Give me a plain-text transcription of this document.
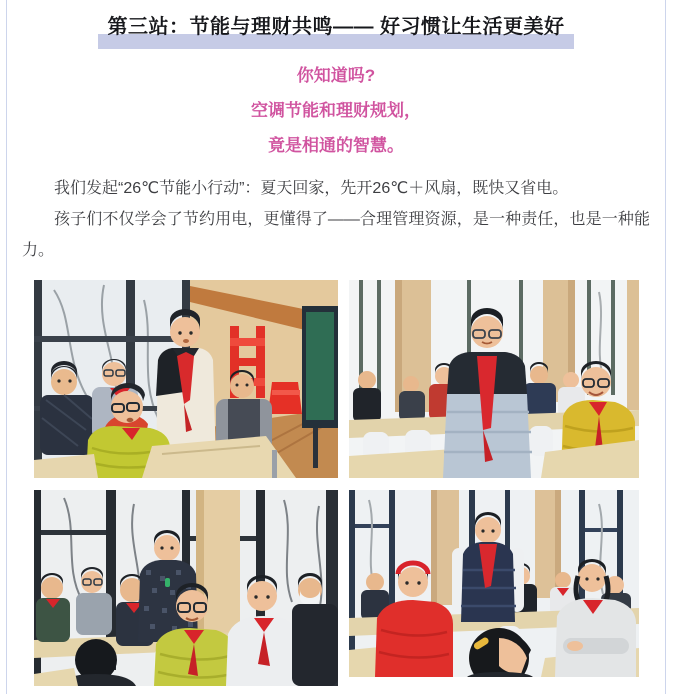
第三站：节能与理财共鸣—— 好习惯让生活更美好

你知道吗?

空调节能和理财规划，

竟是相通的智慧。

我们发起“26℃节能小行动”：夏天回家，先开26℃＋风扇，既快又省电。

孩子们不仅学会了节约用电，更懂得了——合理管理资源，是一种责任，也是一种能力。
